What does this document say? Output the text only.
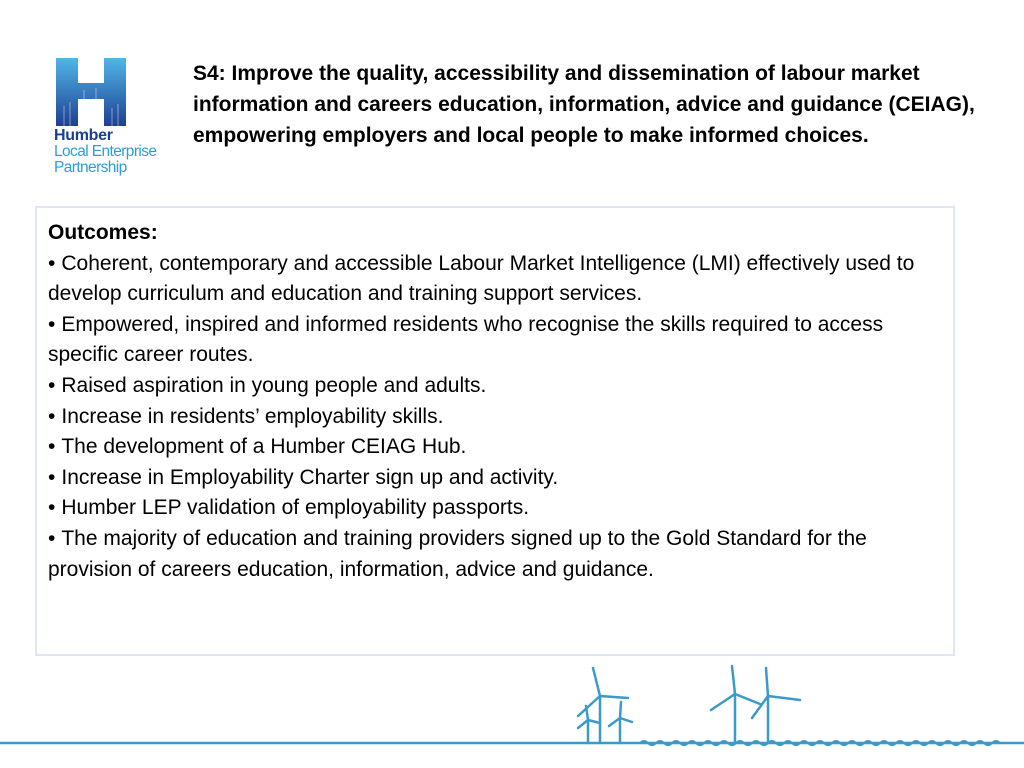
Humber
Local Enterprise
Partnership
S4: Improve the quality, accessibility and dissemination of labour market information and careers education, information, advice and guidance (CEIAG), empowering employers and local people to make informed choices.
Outcomes:
• Coherent, contemporary and accessible Labour Market Intelligence (LMI) effectively used to develop curriculum and education and training support services.
• Empowered, inspired and informed residents who recognise the skills required to access specific career routes.
• Raised aspiration in young people and adults.
• Increase in residents’ employability skills.
• The development of a Humber CEIAG Hub.
• Increase in Employability Charter sign up and activity.
• Humber LEP validation of employability passports.
• The majority of education and training providers signed up to the Gold Standard for the provision of careers education, information, advice and guidance.
